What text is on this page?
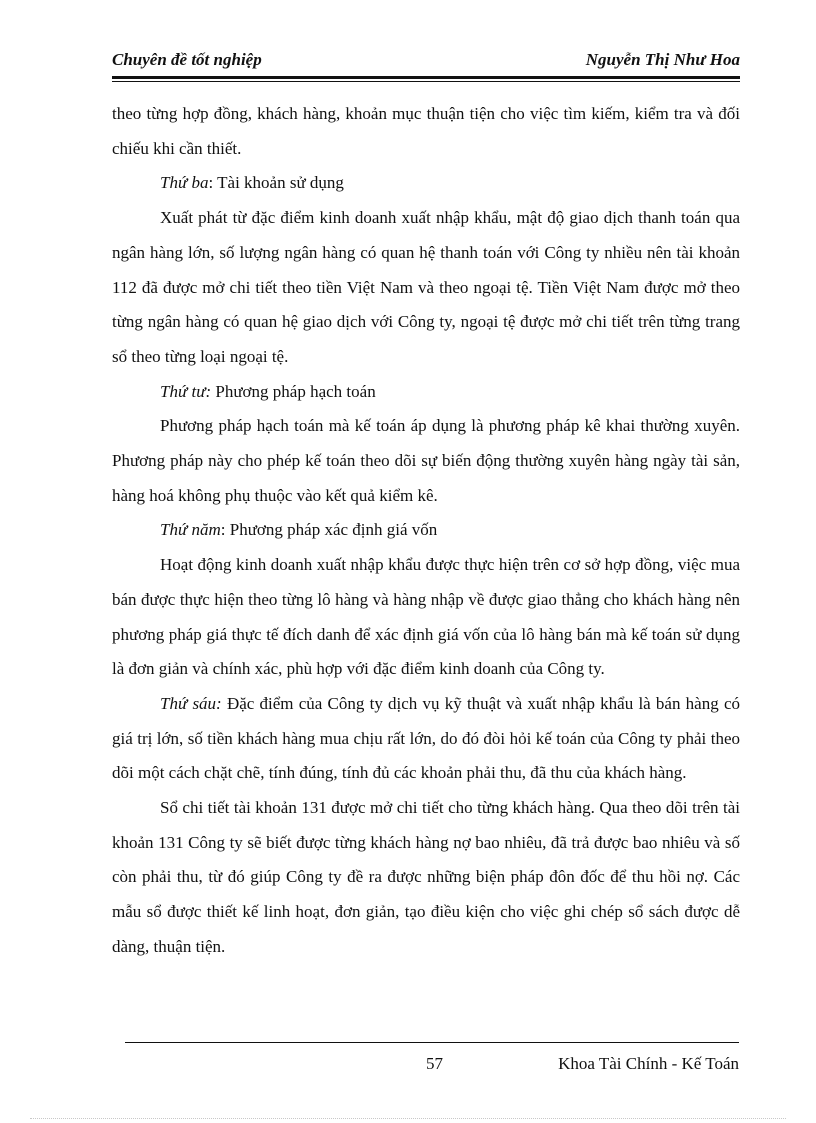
Chuyên đề tốt nghiệp	Nguyễn Thị Như Hoa

theo từng hợp đồng, khách hàng, khoản mục thuận tiện cho việc tìm kiếm, kiểm tra và đối chiếu khi cần thiết.

Thứ ba: Tài khoản sử dụng

Xuất phát từ đặc điểm kinh doanh xuất nhập khẩu, mật độ giao dịch thanh toán qua ngân hàng lớn, số lượng ngân hàng có quan hệ thanh toán với Công ty nhiều nên tài khoản 112 đã được mở chi tiết theo tiền Việt Nam và theo ngoại tệ. Tiền Việt Nam được mở theo từng ngân hàng có quan hệ giao dịch với Công ty, ngoại tệ được mở chi tiết trên từng trang sổ theo từng loại ngoại tệ.

Thứ tư: Phương pháp hạch toán

Phương pháp hạch toán mà kế toán áp dụng là phương pháp kê khai thường xuyên. Phương pháp này cho phép kế toán theo dõi sự biến động thường xuyên hàng ngày tài sản, hàng hoá không phụ thuộc vào kết quả kiểm kê.

Thứ năm: Phương pháp xác định giá vốn

Hoạt động kinh doanh xuất nhập khẩu được thực hiện trên cơ sở hợp đồng, việc mua bán được thực hiện theo từng lô hàng và hàng nhập về được giao thẳng cho khách hàng nên phương pháp giá thực tế đích danh để xác định giá vốn của lô hàng bán mà kế toán sử dụng là đơn giản và chính xác, phù hợp với đặc điểm kinh doanh của Công ty.

Thứ sáu: Đặc điểm của Công ty dịch vụ kỹ thuật và xuất nhập khẩu là bán hàng có giá trị lớn, số tiền khách hàng mua chịu rất lớn, do đó đòi hỏi kế toán của Công ty phải theo dõi một cách chặt chẽ, tính đúng, tính đủ các khoản phải thu, đã thu của khách hàng.

Sổ chi tiết tài khoản 131 được mở chi tiết cho từng khách hàng. Qua theo dõi trên tài khoản 131 Công ty sẽ biết được từng khách hàng nợ bao nhiêu, đã trả được bao nhiêu và số còn phải thu, từ đó giúp Công ty đề ra được những biện pháp đôn đốc để thu hồi nợ. Các mẫu sổ được thiết kế linh hoạt, đơn giản, tạo điều kiện cho việc ghi chép sổ sách được dễ dàng, thuận tiện.

57	Khoa Tài Chính - Kế Toán
